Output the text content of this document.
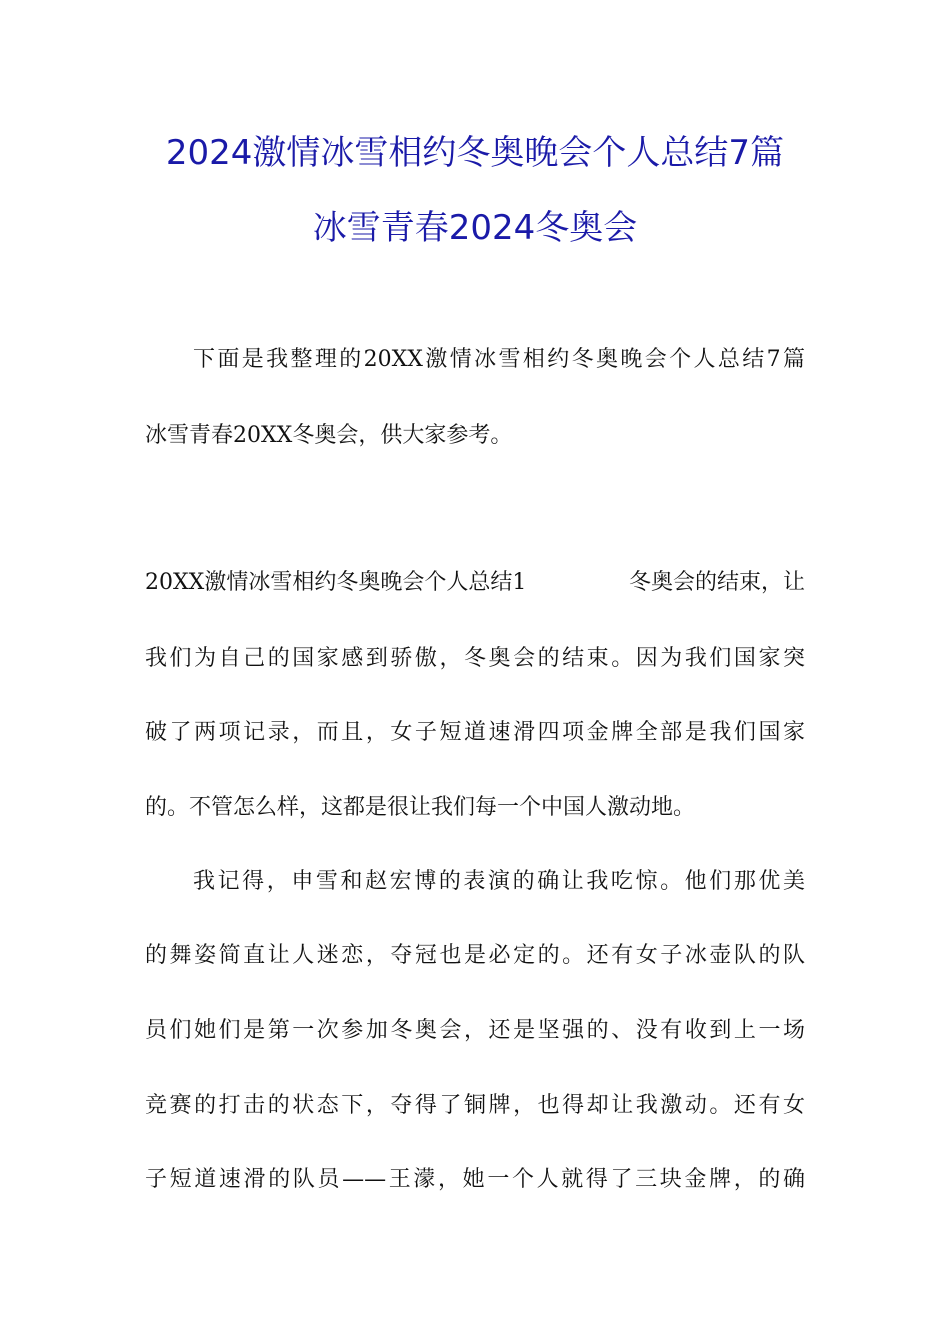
2024激情冰雪相约冬奥晚会个人总结7篇
冰雪青春2024冬奥会
下面是我整理的20XX激情冰雪相约冬奥晚会个人总结7篇
冰雪青春20XX冬奥会，供大家参考。
20XX激情冰雪相约冬奥晚会个人总结1	冬奥会的结束，让
我们为自己的国家感到骄傲，冬奥会的结束。因为我们国家突
破了两项记录，而且，女子短道速滑四项金牌全部是我们国家
的。不管怎么样，这都是很让我们每一个中国人激动地。
我记得，申雪和赵宏博的表演的确让我吃惊。他们那优美
的舞姿简直让人迷恋，夺冠也是必定的。还有女子冰壶队的队
员们她们是第一次参加冬奥会，还是坚强的、没有收到上一场
竞赛的打击的状态下，夺得了铜牌，也得却让我激动。还有女
子短道速滑的队员——王濛，她一个人就得了三块金牌，的确
